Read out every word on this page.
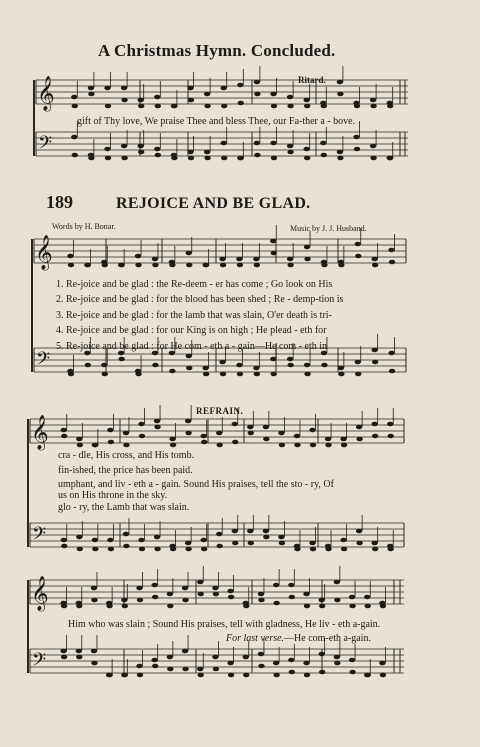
A Christmas Hymn. Concluded.
Ritard.
𝄞
𝄢
𝄞
𝄢
𝄞
𝄢
𝄞
𝄢
gift of Thy love, We praise Thee and bless Thee, our Fa-ther a - bove.
189	REJOICE AND BE GLAD.
Words by H. Bonar.	Music by J. J. Husband.
1. Re-joice and be glad : the Re-deem - er has come ; Go look on His
2. Re-joice and be glad : for the blood has been shed ; Re - demp-tion is
3. Re-joice and be glad : for the lamb that was slain, O'er death is tri-
4. Re-joice and be glad : for our King is on high ; He plead - eth for
5. Re-joice and be glad : for He com - eth a - gain—He com - eth in
REFRAIN.
cra - dle, His cross, and His tomb.
fin-ished, the price has been paid.
umphant, and liv - eth a - gain. Sound His praises, tell the sto - ry, Of
us on His throne in the sky.
glo - ry, the Lamb that was slain.
Him who was slain ; Sound His praises, tell with gladness, He liv - eth a-gain.
For last verse.—He com-eth a-gain.
